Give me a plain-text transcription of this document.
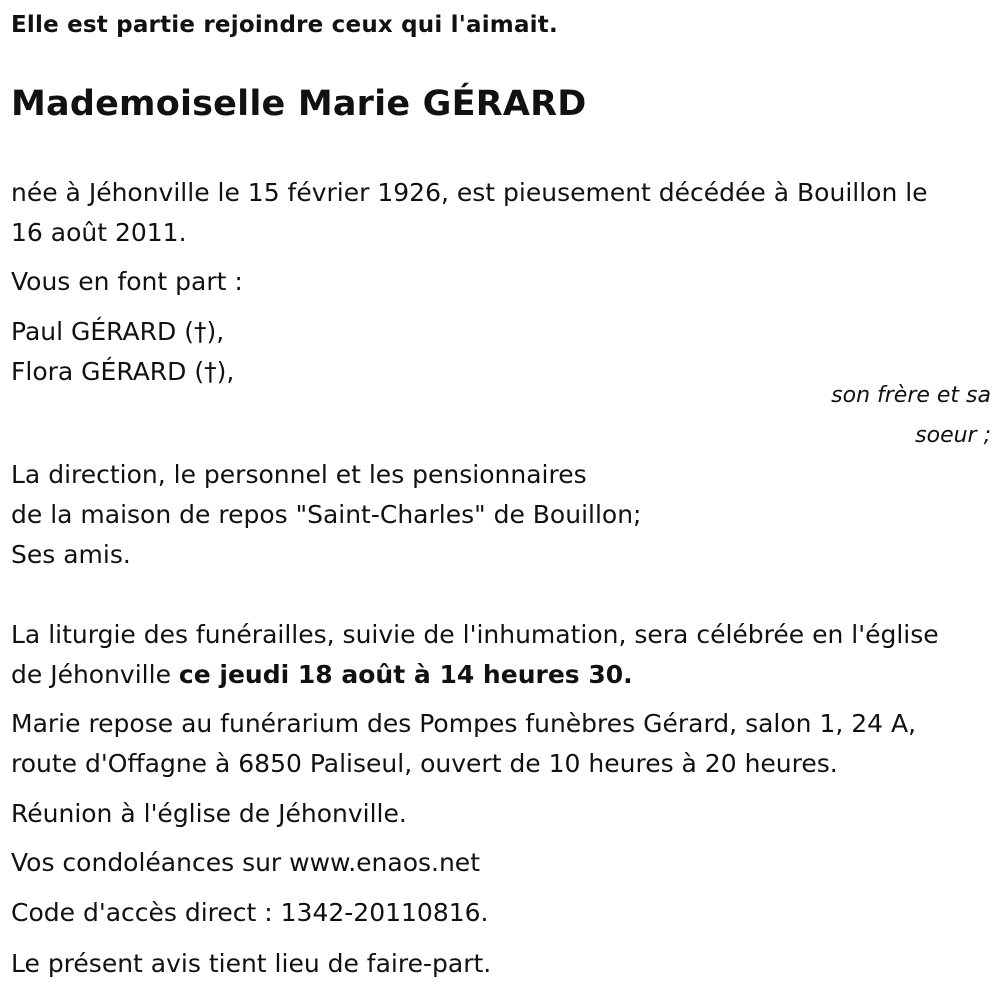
Elle est partie rejoindre ceux qui l'aimait.

Mademoiselle Marie GÉRARD

née à Jéhonville le 15 février 1926, est pieusement décédée à Bouillon le

16 août 2011.

Vous en font part :

Paul GÉRARD (†),

Flora GÉRARD (†),

son frère et sa

soeur ;

La direction, le personnel et les pensionnaires

de la maison de repos "Saint-Charles" de Bouillon;

Ses amis.

La liturgie des funérailles, suivie de l'inhumation, sera célébrée en l'église

de Jéhonville ce jeudi 18 août à 14 heures 30.

Marie repose au funérarium des Pompes funèbres Gérard, salon 1, 24 A,

route d'Offagne à 6850 Paliseul, ouvert de 10 heures à 20 heures.

Réunion à l'église de Jéhonville.

Vos condoléances sur www.enaos.net

Code d'accès direct : 1342-20110816.

Le présent avis tient lieu de faire-part.
